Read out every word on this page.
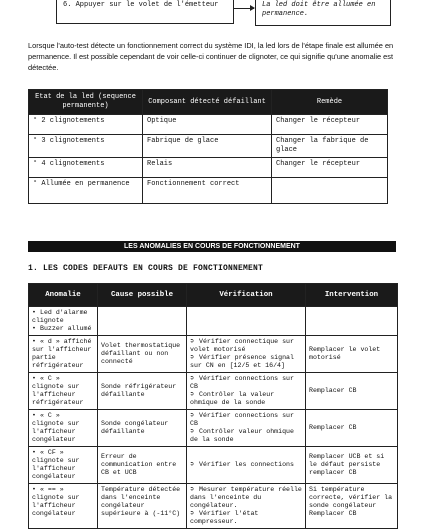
6. Appuyer sur le volet de l'émetteur	La led doit être allumée en permanence.
Lorsque l'auto-test détecte un fonctionnement correct du système IDI, la led lors de l'étape finale est allumée en permanence. Il est possible cependant de voir celle-ci continuer de clignoter, ce qui signifie qu'une anomalie est détectée.
Etat de la led (sequence permanente)	Composant détecté défaillant	Remède
° 2 clignotements	Optique	Changer le récepteur
° 3 clignotements	Fabrique de glace	Changer la fabrique de glace
° 4 clignotements	Relais	Changer le récepteur
° Allumée en permanence	Fonctionnement correct	
LES ANOMALIES EN COURS DE FONCTIONNEMENT
1. LES CODES DEFAUTS EN COURS DE FONCTIONNEMENT
Anomalie	Cause possible	Vérification	Intervention

• Led d'alarme clignote
• Buzzer allumé			

• « d » affiché sur l'afficheur partie réfrigérateur	Volet thermostatique défaillant ou non connecté	➲ Vérifier connectique sur volet motorisé
➲ Vérifier présence signal sur CN en [12/5 et 16/4]	Remplacer le volet motorisé

• « C » clignote sur l'afficheur réfrigérateur	Sonde réfrigérateur défaillante	➲ Vérifier connections sur CB
➲ Contrôler la valeur ohmique de la sonde	Remplacer CB

• « C » clignote sur l'afficheur congélateur	Sonde congélateur défaillante	➲ Vérifier connections sur CB
➲ Contrôler valeur ohmique de la sonde	Remplacer CB

• « CF » clignote sur l'afficheur congélateur	Erreur de communication entre CB et UCB	➲ Vérifier les connections	Remplacer UCB et si le défaut persiste remplacer CB

• « == » clignote sur l'afficheur congélateur	Température détectée dans l'enceinte congélateur supérieure à (-11°C)	➲ Mesurer température réelle dans l'enceinte du congélateur.
➲ Vérifier l'état compresseur.	Si température correcte, vérifier la sonde congélateur Remplacer CB
